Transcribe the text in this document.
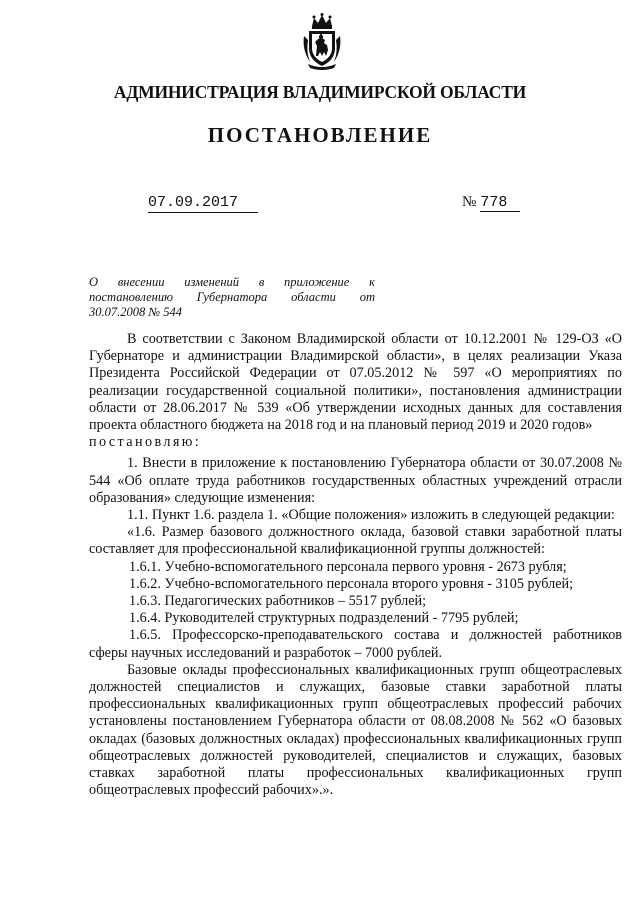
АДМИНИСТРАЦИЯ ВЛАДИМИРСКОЙ ОБЛАСТИ
ПОСТАНОВЛЕНИЕ
07.09.2017	№ 778
О внесении изменений в приложение к
постановлению Губернатора области от
30.07.2008 № 544

В соответствии с Законом Владимирской области от 10.12.2001 № 129-ОЗ «О Губернаторе и администрации Владимирской области», в целях реализации Указа Президента Российской Федерации от 07.05.2012 № 597 «О мероприятиях по реализации государственной социальной политики», постановления администрации области от 28.06.2017 № 539 «Об утверждении исходных данных для составления проекта областного бюджета на 2018 год и на плановый период 2019 и 2020 годов»

постановляю:

1. Внести в приложение к постановлению Губернатора области от 30.07.2008 № 544 «Об оплате труда работников государственных областных учреждений отрасли образования» следующие изменения:

1.1. Пункт 1.6. раздела 1. «Общие положения» изложить в следующей редакции:

«1.6. Размер базового должностного оклада, базовой ставки заработной платы составляет для профессиональной квалификационной группы должностей:

1.6.1. Учебно-вспомогательного персонала первого уровня - 2673 рубля;

1.6.2. Учебно-вспомогательного персонала второго уровня - 3105 рублей;

1.6.3. Педагогических работников – 5517 рублей;

1.6.4. Руководителей структурных подразделений - 7795 рублей;

1.6.5. Профессорско-преподавательского состава и должностей работников сферы научных исследований и разработок – 7000 рублей.

Базовые оклады профессиональных квалификационных групп общеотраслевых должностей специалистов и служащих, базовые ставки заработной платы профессиональных квалификационных групп общеотраслевых профессий рабочих установлены постановлением Губернатора области от 08.08.2008 № 562 «О базовых окладах (базовых должностных окладах) профессиональных квалификационных групп общеотраслевых должностей руководителей, специалистов и служащих, базовых ставках заработной платы профессиональных квалификационных групп общеотраслевых профессий рабочих».».
